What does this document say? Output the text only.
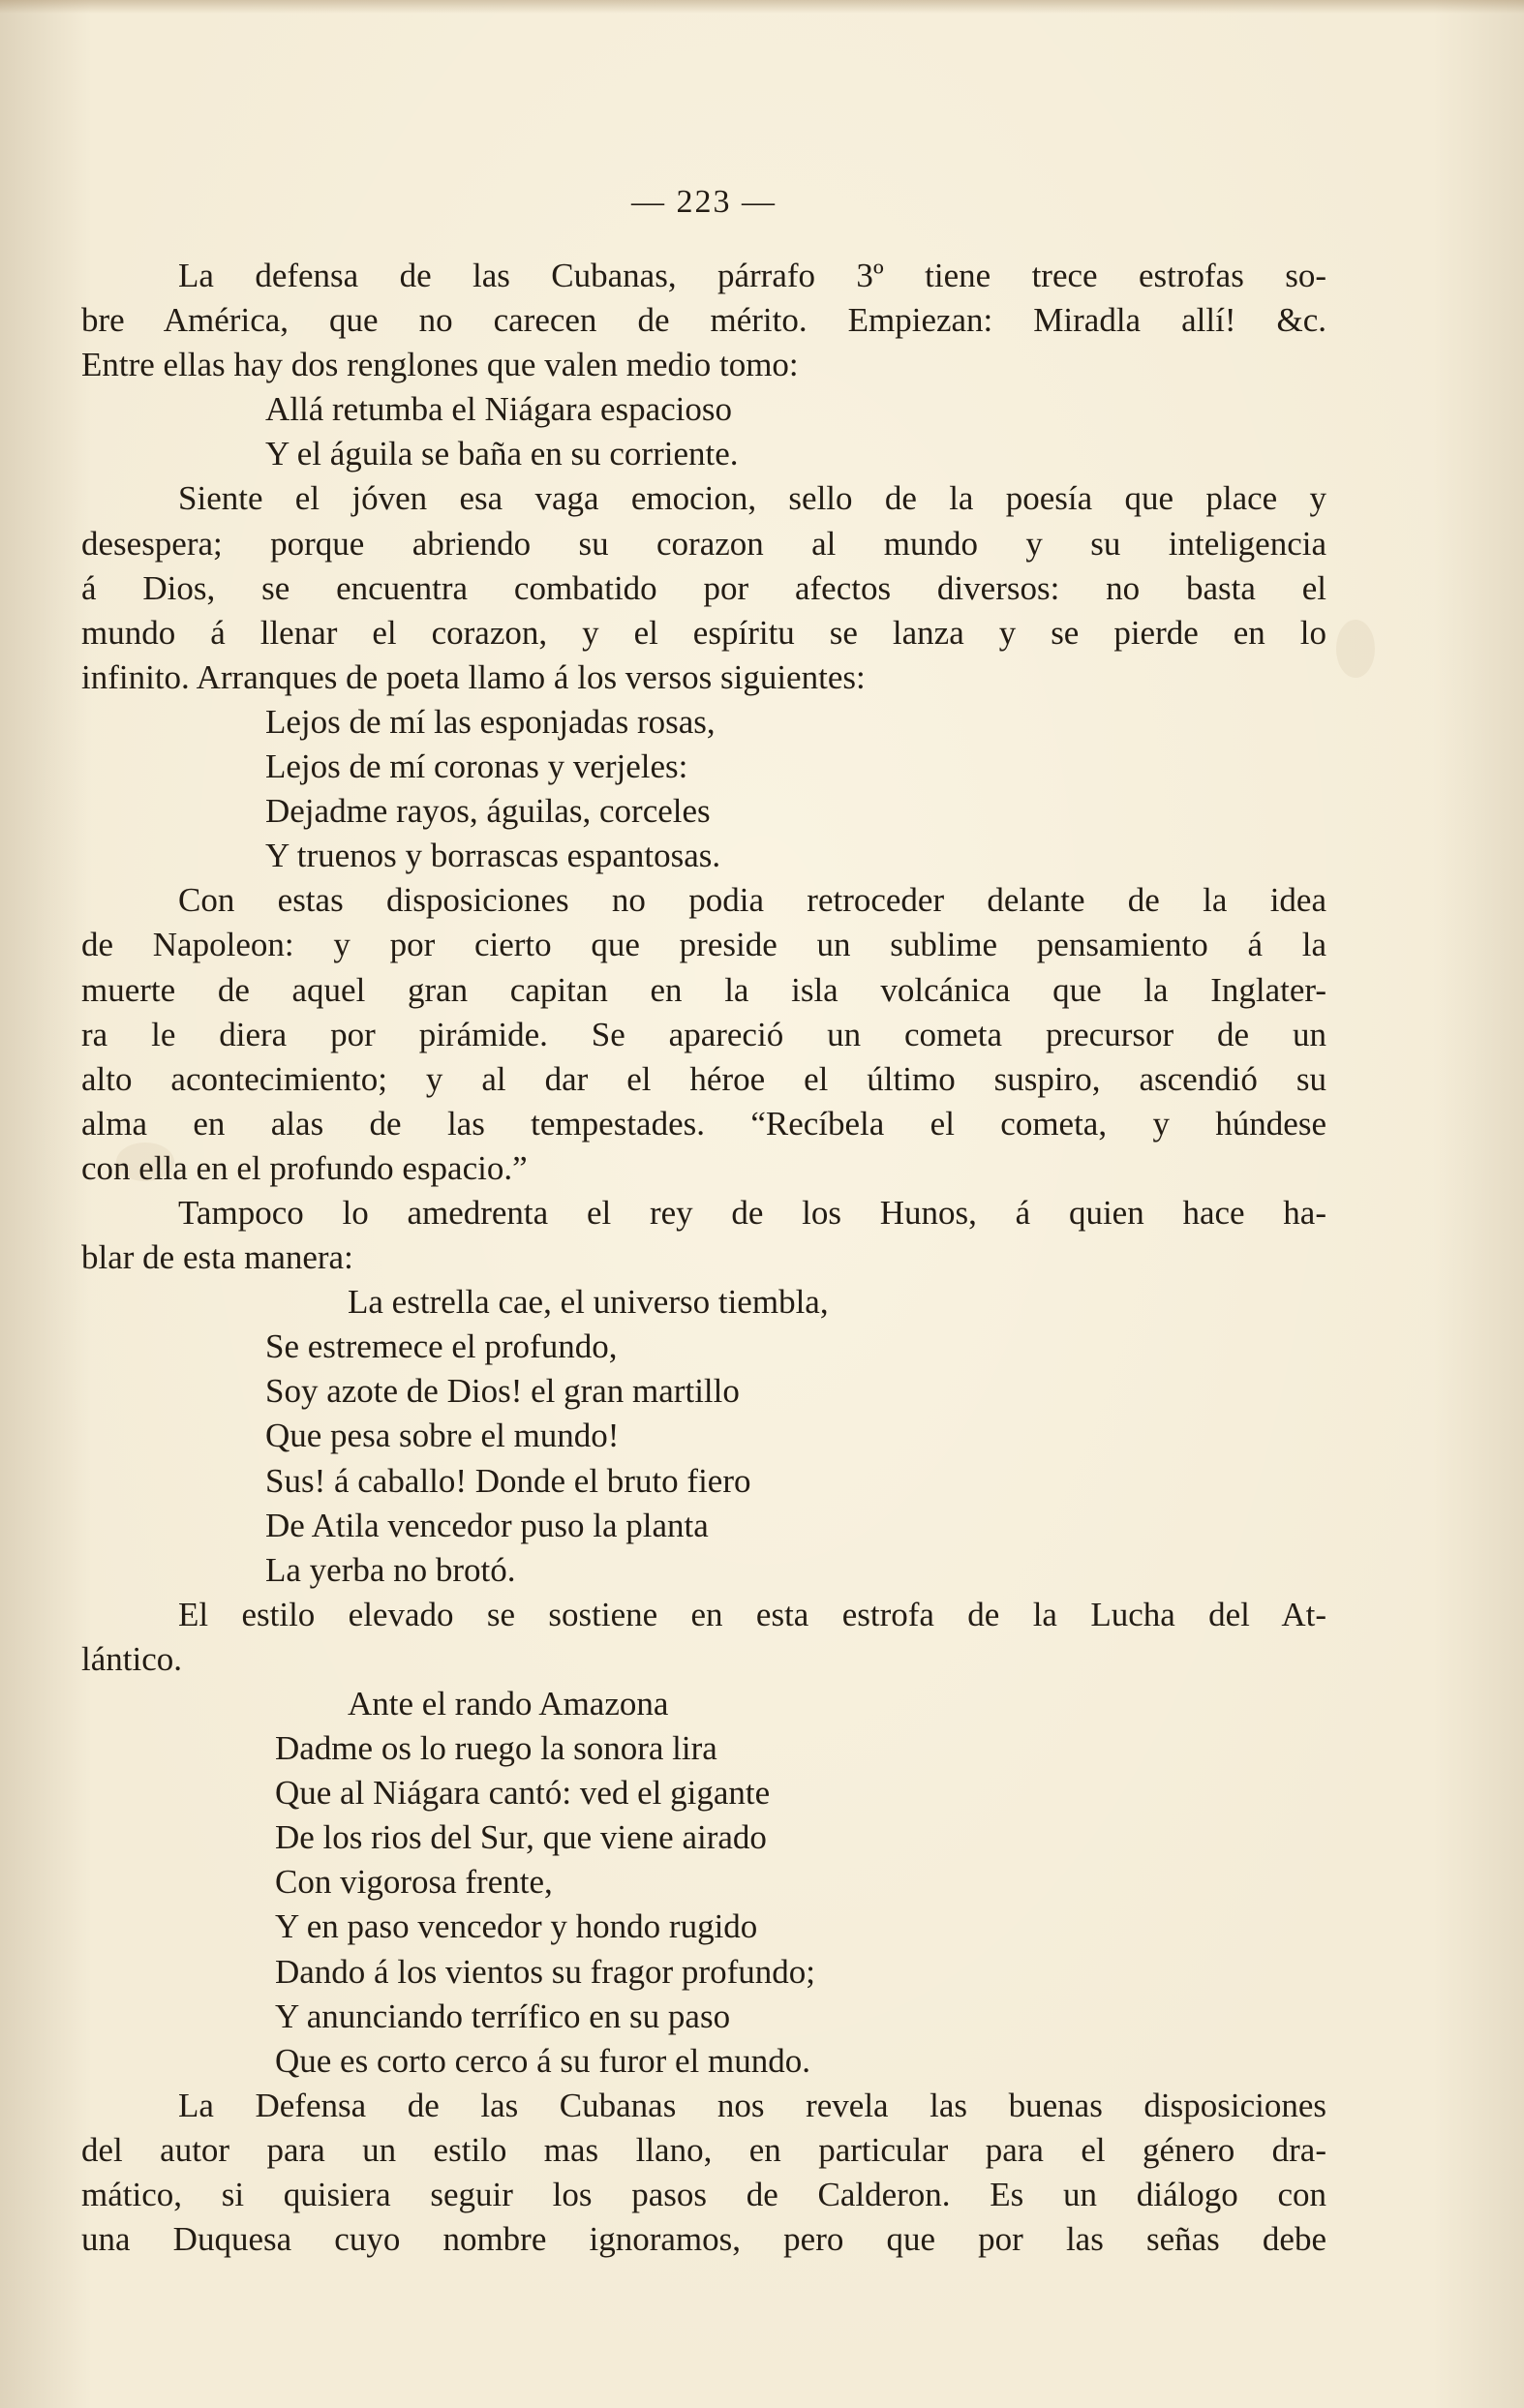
— 223 —
La defensa de las Cubanas, párrafo 3º tiene trece estrofas so-
bre América, que no carecen de mérito. Empiezan: Miradla allí! &c.
Entre ellas hay dos renglones que valen medio tomo:
Allá retumba el Niágara espacioso
Y el águila se baña en su corriente.
Siente el jóven esa vaga emocion, sello de la poesía que place y
desespera; porque abriendo su corazon al mundo y su inteligencia
á Dios, se encuentra combatido por afectos diversos: no basta el
mundo á llenar el corazon, y el espíritu se lanza y se pierde en lo
infinito. Arranques de poeta llamo á los versos siguientes:
Lejos de mí las esponjadas rosas,
Lejos de mí coronas y verjeles:
Dejadme rayos, águilas, corceles
Y truenos y borrascas espantosas.
Con estas disposiciones no podia retroceder delante de la idea
de Napoleon: y por cierto que preside un sublime pensamiento á la
muerte de aquel gran capitan en la isla volcánica que la Inglater-
ra le diera por pirámide. Se apareció un cometa precursor de un
alto acontecimiento; y al dar el héroe el último suspiro, ascendió su
alma en alas de las tempestades. “Recíbela el cometa, y húndese
con ella en el profundo espacio.”
Tampoco lo amedrenta el rey de los Hunos, á quien hace ha-
blar de esta manera:
La estrella cae, el universo tiembla,
Se estremece el profundo,
Soy azote de Dios! el gran martillo
Que pesa sobre el mundo!
Sus! á caballo! Donde el bruto fiero
De Atila vencedor puso la planta
La yerba no brotó.
El estilo elevado se sostiene en esta estrofa de la Lucha del At-
lántico.
Ante el rando Amazona
Dadme os lo ruego la sonora lira
Que al Niágara cantó: ved el gigante
De los rios del Sur, que viene airado
Con vigorosa frente,
Y en paso vencedor y hondo rugido
Dando á los vientos su fragor profundo;
Y anunciando terrífico en su paso
Que es corto cerco á su furor el mundo.
La Defensa de las Cubanas nos revela las buenas disposiciones
del autor para un estilo mas llano, en particular para el género dra-
mático, si quisiera seguir los pasos de Calderon. Es un diálogo con
una Duquesa cuyo nombre ignoramos, pero que por las señas debe
